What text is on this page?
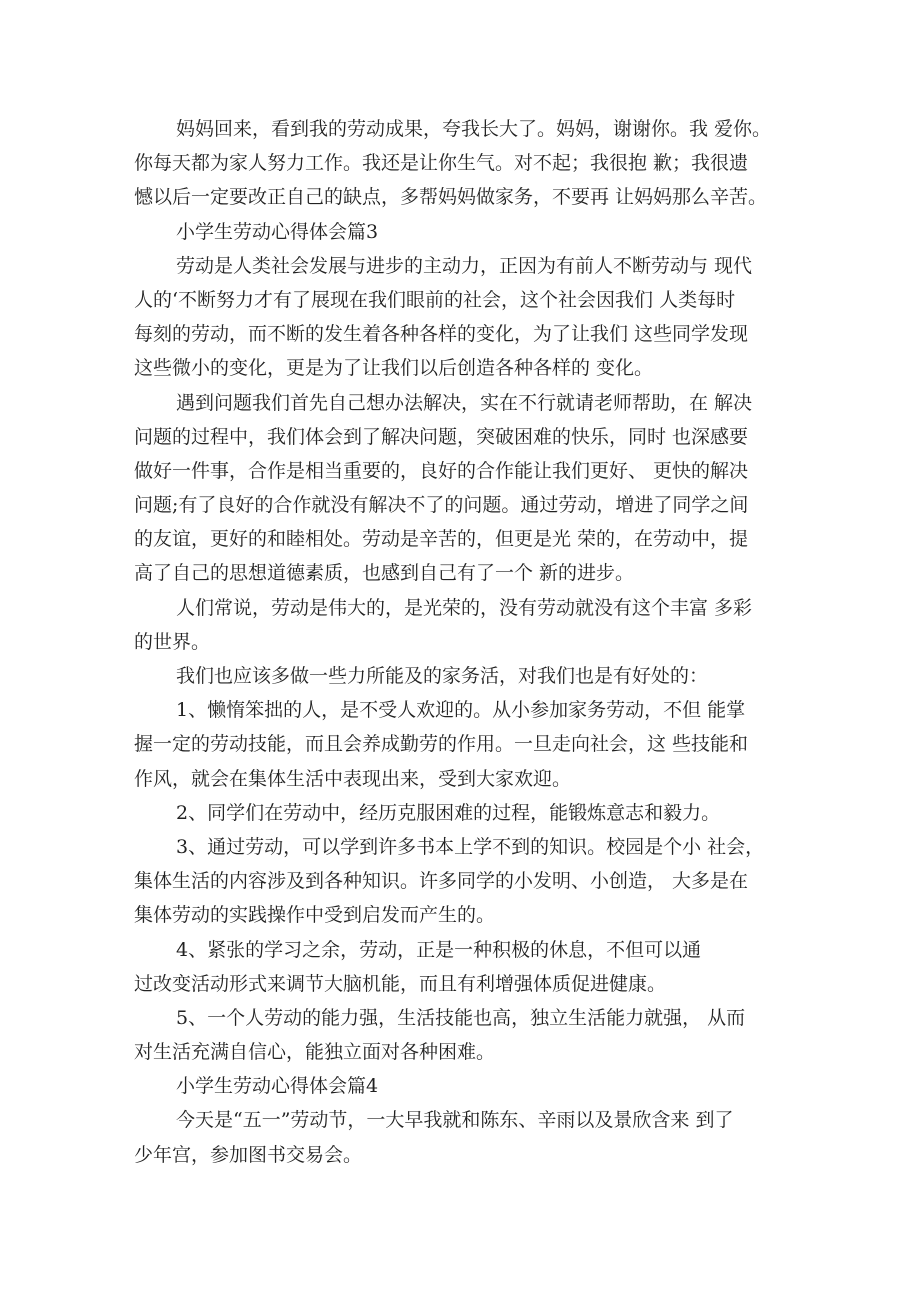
妈妈回来，看到我的劳动成果，夸我长大了。妈妈，谢谢你。我 爱你。
你每天都为家人努力工作。我还是让你生气。对不起；我很抱 歉；我很遗
憾以后一定要改正自己的缺点，多帮妈妈做家务，不要再 让妈妈那么辛苦。
小学生劳动心得体会篇3
劳动是人类社会发展与进步的主动力，正因为有前人不断劳动与 现代
人的‘不断努力才有了展现在我们眼前的社会，这个社会因我们 人类每时
每刻的劳动，而不断的发生着各种各样的变化，为了让我们 这些同学发现
这些微小的变化，更是为了让我们以后创造各种各样的 变化。
遇到问题我们首先自己想办法解决，实在不行就请老师帮助，在 解决
问题的过程中，我们体会到了解决问题，突破困难的快乐，同时 也深感要
做好一件事，合作是相当重要的，良好的合作能让我们更好、 更快的解决
问题;有了良好的合作就没有解决不了的问题。通过劳动，增进了同学之间
的友谊，更好的和睦相处。劳动是辛苦的，但更是光 荣的，在劳动中，提
高了自己的思想道德素质，也感到自己有了一个 新的进步。
人们常说，劳动是伟大的，是光荣的，没有劳动就没有这个丰富 多彩
的世界。
我们也应该多做一些力所能及的家务活，对我们也是有好处的：
1、懒惰笨拙的人，是不受人欢迎的。从小参加家务劳动，不但 能掌
握一定的劳动技能，而且会养成勤劳的作用。一旦走向社会，这 些技能和
作风，就会在集体生活中表现出来，受到大家欢迎。
2、同学们在劳动中，经历克服困难的过程，能锻炼意志和毅力。
3、通过劳动，可以学到许多书本上学不到的知识。校园是个小 社会，
集体生活的内容涉及到各种知识。许多同学的小发明、小创造， 大多是在
集体劳动的实践操作中受到启发而产生的。
4、紧张的学习之余，劳动，正是一种积极的休息，不但可以通
过改变活动形式来调节大脑机能，而且有利增强体质促进健康。
5、一个人劳动的能力强，生活技能也高，独立生活能力就强， 从而
对生活充满自信心，能独立面对各种困难。
小学生劳动心得体会篇4
今天是“五一”劳动节，一大早我就和陈东、辛雨以及景欣含来 到了
少年宫，参加图书交易会。
